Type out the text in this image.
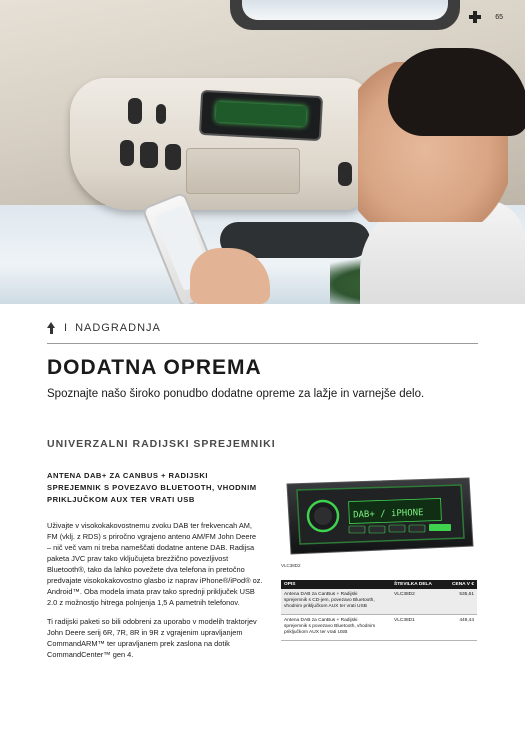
65
I NADGRADNJA
DODATNA OPREMA

Spoznajte našo široko ponudbo dodatne opreme za lažje in varnejše delo.

UNIVERZALNI RADIJSKI SPREJEMNIKI
ANTENA DAB+ ZA CANBUS + RADIJSKI
SPREJEMNIK S POVEZAVO BLUETOOTH, VHODNIM
PRIKLJUČKOM AUX TER VRATI USB
Uživajte v visokokakovostnemu zvoku DAB ter frekvencah AM,
FM (vklj. z RDS) s priročno vgrajeno anteno AM/FM John Deere
– nič več vam ni treba nameščati dodatne antene DAB. Radijsa
paketa JVC prav tako vključujeta brezžično povezljivost
Bluetooth®, tako da lahko povežete dva telefona in pretočno
predvajate visokokakovostno glasbo iz naprav iPhone®/iPod® oz.
Android™. Oba modela imata prav tako sprednji priključek USB
2.0 z možnostjo hitrega polnjenja 1,5 A pametnih telefonov.
Ti radijski paketi so bili odobreni za uporabo v modelih traktorjev
John Deere serij 6R, 7R, 8R in 9R z vgrajenim upravljanjem
CommandARM™ ter upravljanem prek zaslona na dotik
CommandCenter™ gen 4.
DAB+ / iPHONE
VLC38D2
OPIS	ŠTEVILKA DELA	CENA V €

Antena DAB za CanBus + Radijski
sprejemnik s CD-jem, povezavo Bluetooth,
vhodnim priključkom AUX ter vrati USB	VLC38D2	535,61

Antena DAB za CanBus + Radijski
sprejemnik s povezavo Bluetooth, vhodnim
priključkom AUX ter vrati USB	VLC38D1	449,44
